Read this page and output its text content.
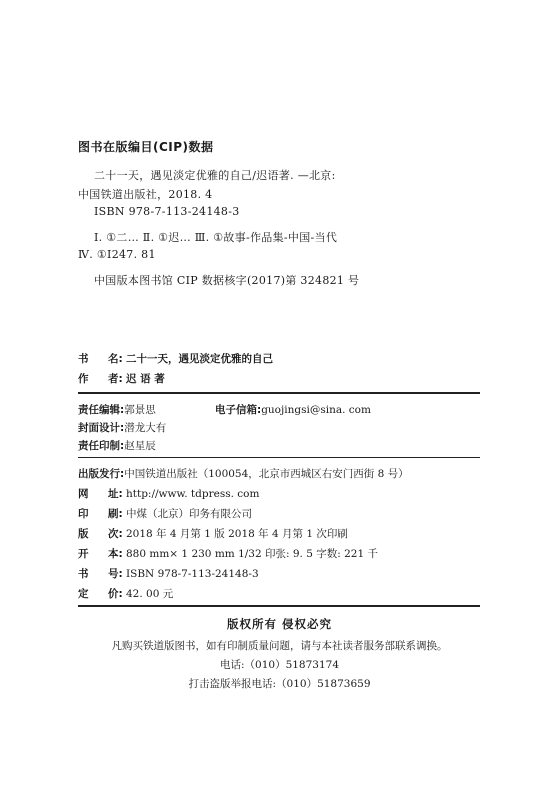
图书在版编目(CIP)数据
二十一天，遇见淡定优雅的自己/迟语著. —北京:
中国铁道出版社，2018. 4
ISBN 978-7-113-24148-3
Ⅰ. ①二… Ⅱ. ①迟… Ⅲ. ①故事-作品集-中国-当代
Ⅳ. ①I247. 81
中国版本图书馆 CIP 数据核字(2017)第 324821 号
书 名: 二十一天，遇见淡定优雅的自己
作 者: 迟 语 著
责任编辑:郭景思	电子信箱:guojingsi@sina. com
封面设计:潜龙大有
责任印制:赵星辰
出版发行:中国铁道出版社（100054，北京市西城区右安门西街 8 号）
网 址: http://www. tdpress. com
印 刷: 中煤（北京）印务有限公司
版 次: 2018 年 4 月第 1 版 2018 年 4 月第 1 次印刷
开 本: 880 mm× 1 230 mm 1/32 印张: 9. 5 字数: 221 千
书 号: ISBN 978-7-113-24148-3
定 价: 42. 00 元
版权所有 侵权必究
凡购买铁道版图书，如有印制质量问题，请与本社读者服务部联系调换。
电话:（010）51873174
打击盗版举报电话:（010）51873659
